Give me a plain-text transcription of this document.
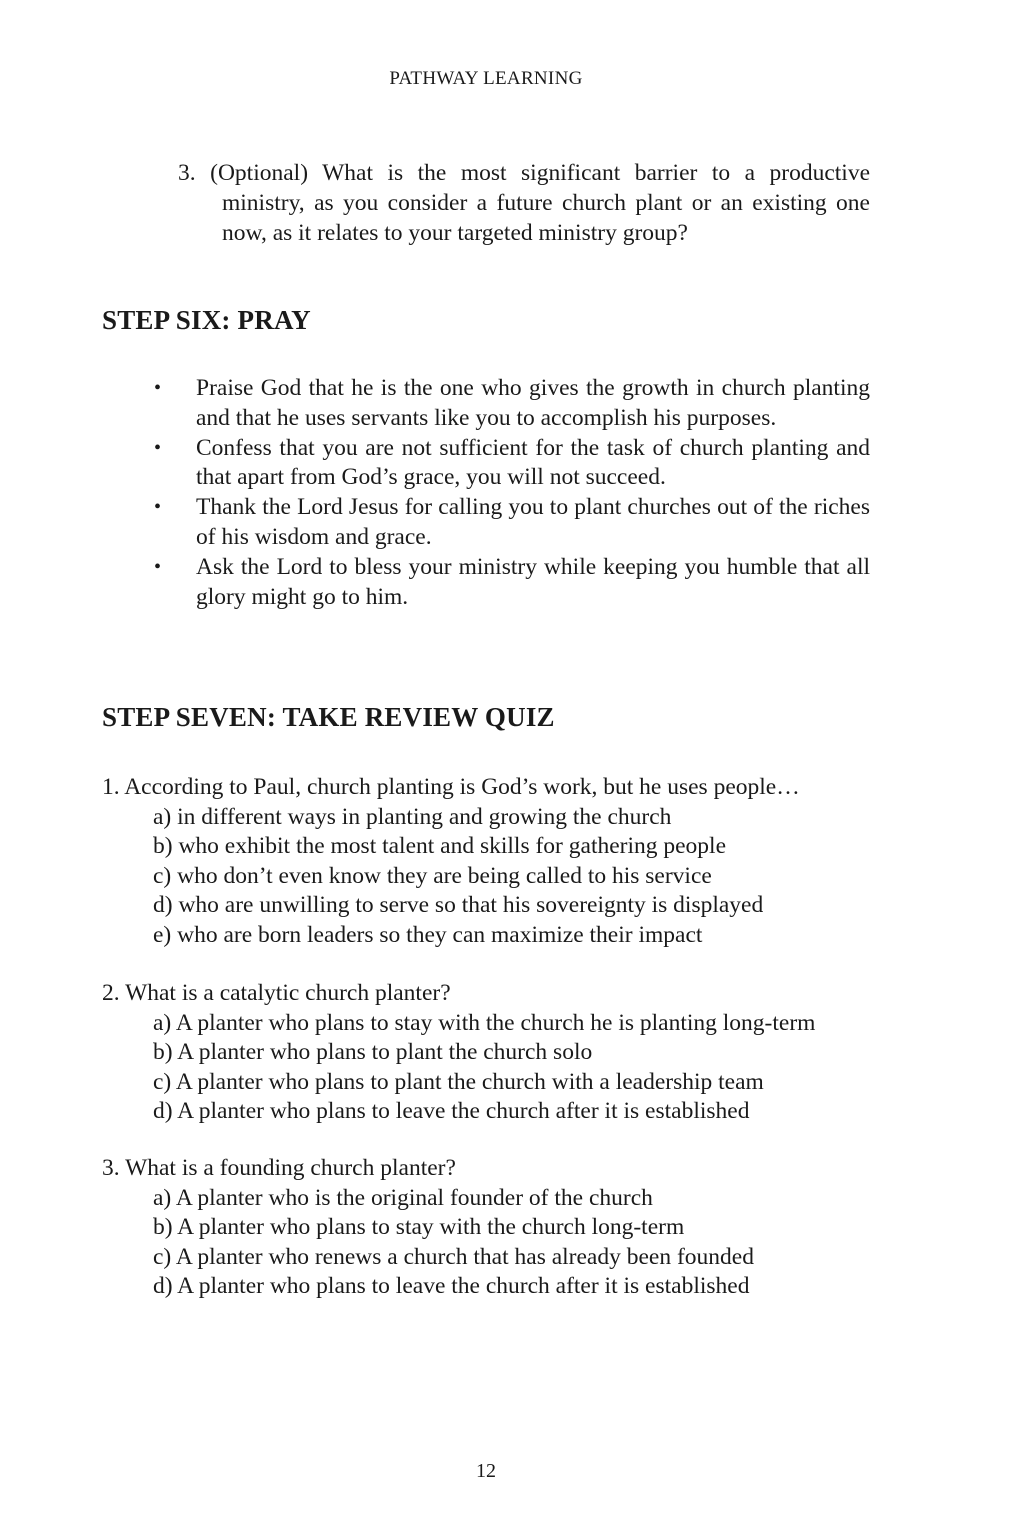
PATHWAY LEARNING
3. (Optional) What is the most significant barrier to a productive ministry, as you consider a future church plant or an existing one now, as it relates to your targeted ministry group?
STEP SIX: PRAY
• Praise God that he is the one who gives the growth in church planting and that he uses servants like you to accomplish his purposes.
• Confess that you are not sufficient for the task of church planting and that apart from God’s grace, you will not succeed.
• Thank the Lord Jesus for calling you to plant churches out of the riches of his wisdom and grace.
• Ask the Lord to bless your ministry while keeping you humble that all glory might go to him.
STEP SEVEN: TAKE REVIEW QUIZ
1. According to Paul, church planting is God’s work, but he uses people…
a) in different ways in planting and growing the church
b) who exhibit the most talent and skills for gathering people
c) who don’t even know they are being called to his service
d) who are unwilling to serve so that his sovereignty is displayed
e) who are born leaders so they can maximize their impact
2. What is a catalytic church planter?
a) A planter who plans to stay with the church he is planting long-term
b) A planter who plans to plant the church solo
c) A planter who plans to plant the church with a leadership team
d) A planter who plans to leave the church after it is established
3. What is a founding church planter?
a) A planter who is the original founder of the church
b) A planter who plans to stay with the church long-term
c) A planter who renews a church that has already been founded
d) A planter who plans to leave the church after it is established
12
